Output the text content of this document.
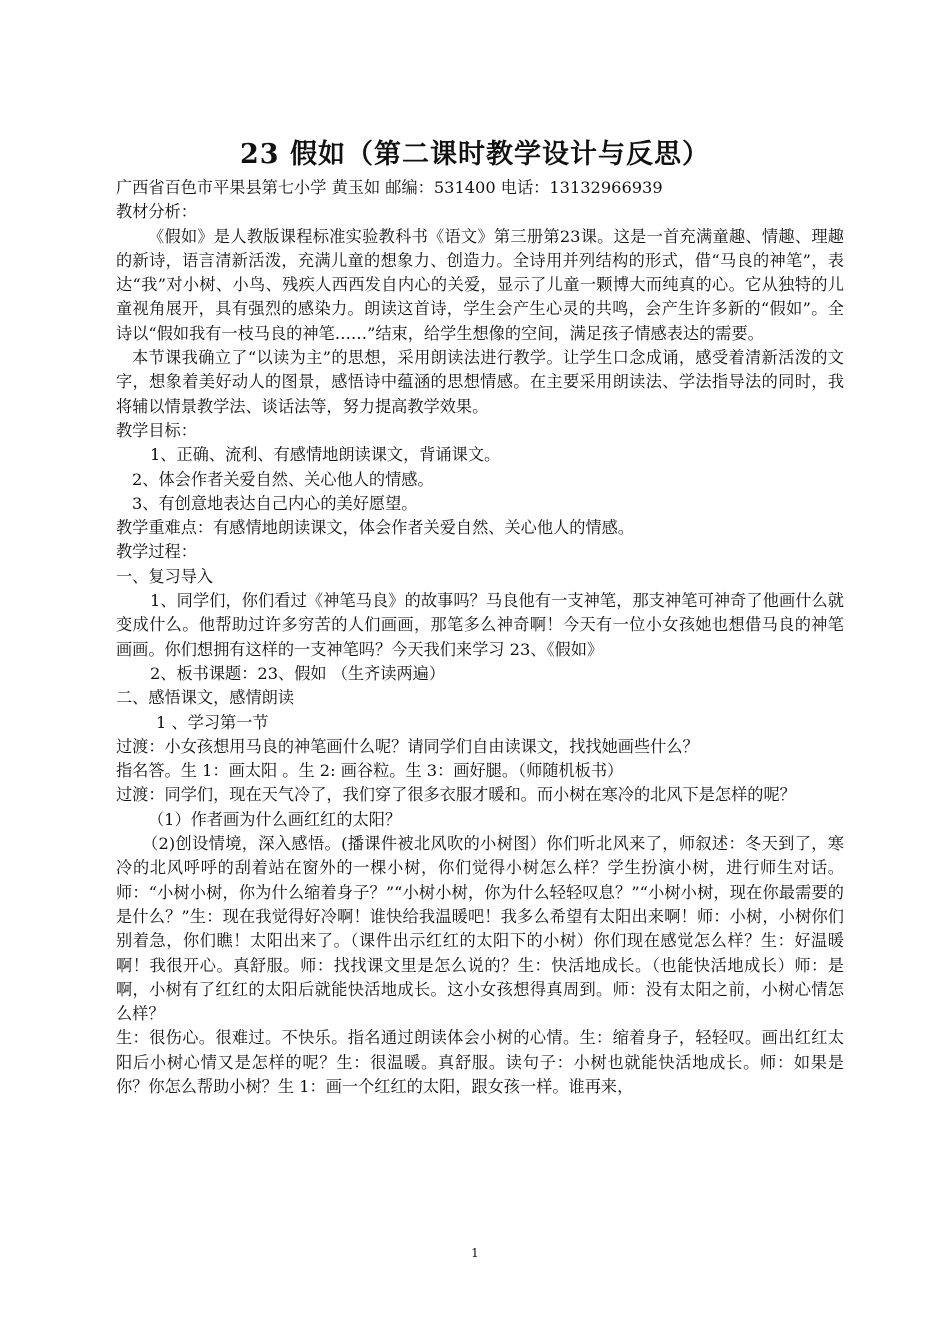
23 假如（第二课时教学设计与反思）

广西省百色市平果县第七小学 黄玉如 邮编：531400 电话：13132966939

教材分析：

《假如》是人教版课程标准实验教科书《语文》第三册第23课。这是一首充满童趣、情趣、理趣的新诗，语言清新活泼，充满儿童的想象力、创造力。全诗用并列结构的形式，借“马良的神笔”，表达“我”对小树、小鸟、残疾人西西发自内心的关爱，显示了儿童一颗博大而纯真的心。它从独特的儿童视角展开，具有强烈的感染力。朗读这首诗，学生会产生心灵的共鸣，会产生许多新的“假如”。全诗以“假如我有一枝马良的神笔……”结束，给学生想像的空间，满足孩子情感表达的需要。

本节课我确立了“以读为主”的思想，采用朗读法进行教学。让学生口念成诵，感受着清新活泼的文字，想象着美好动人的图景，感悟诗中蕴涵的思想情感。在主要采用朗读法、学法指导法的同时，我将辅以情景教学法、谈话法等，努力提高教学效果。

教学目标：

1、正确、流利、有感情地朗读课文，背诵课文。

2、体会作者关爱自然、关心他人的情感。

3、有创意地表达自己内心的美好愿望。

教学重难点：有感情地朗读课文，体会作者关爱自然、关心他人的情感。

教学过程：

一、复习导入

1、同学们，你们看过《神笔马良》的故事吗？马良他有一支神笔，那支神笔可神奇了他画什么就变成什么。他帮助过许多穷苦的人们画画，那笔多么神奇啊！今天有一位小女孩她也想借马良的神笔画画。你们想拥有这样的一支神笔吗？今天我们来学习 23、《假如》

2、板书课题：23、假如 （生齐读两遍）

二、感悟课文，感情朗读

1 、学习第一节

过渡：小女孩想用马良的神笔画什么呢？请同学们自由读课文，找找她画些什么？

指名答。生 1：画太阳 。生 2: 画谷粒。生 3：画好腿。（师随机板书）

过渡：同学们，现在天气冷了，我们穿了很多衣服才暖和。而小树在寒冷的北风下是怎样的呢？

（1）作者画为什么画红红的太阳？

（2)创设情境，深入感悟。(播课件被北风吹的小树图）你们听北风来了，师叙述：冬天到了，寒冷的北风呼呼的刮着站在窗外的一棵小树，你们觉得小树怎么样？学生扮演小树，进行师生对话。师：“小树小树，你为什么缩着身子？”“小树小树，你为什么轻轻叹息？”“小树小树，现在你最需要的是什么？”生：现在我觉得好冷啊！谁快给我温暖吧！我多么希望有太阳出来啊！师：小树，小树你们别着急，你们瞧！太阳出来了。（课件出示红红的太阳下的小树）你们现在感觉怎么样？生：好温暖啊！我很开心。真舒服。师：找找课文里是怎么说的？生：快活地成长。（也能快活地成长）师：是啊，小树有了红红的太阳后就能快活地成长。这小女孩想得真周到。师：没有太阳之前，小树心情怎么样？

生：很伤心。很难过。不快乐。指名通过朗读体会小树的心情。生：缩着身子，轻轻叹。画出红红太阳后小树心情又是怎样的呢？生：很温暖。真舒服。读句子：小树也就能快活地成长。师：如果是你？你怎么帮助小树？生 1：画一个红红的太阳，跟女孩一样。谁再来，

1
